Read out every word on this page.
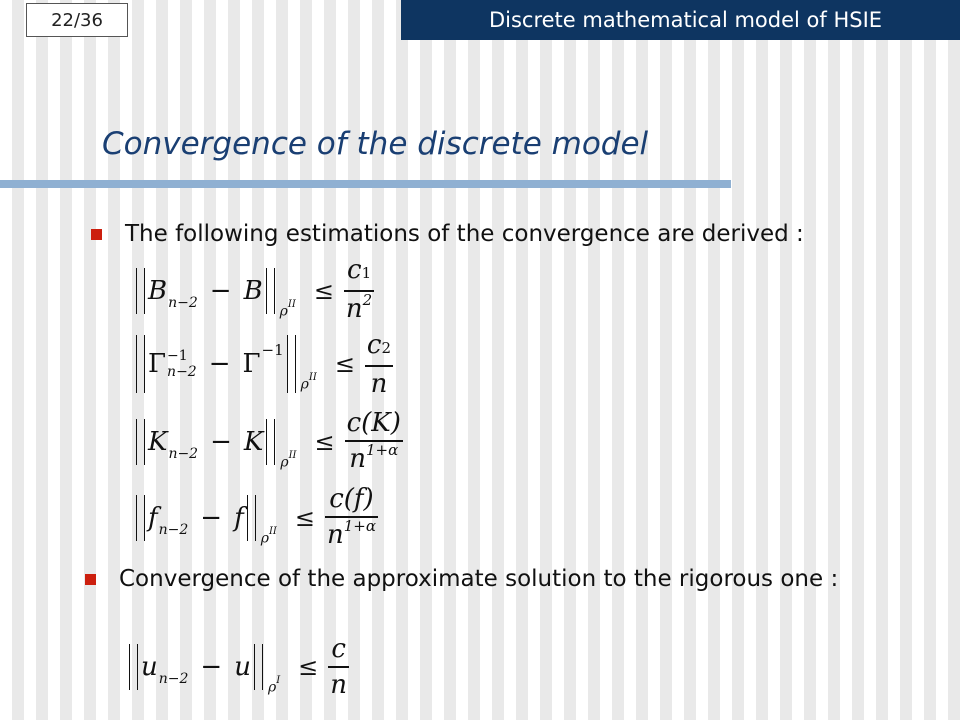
22/36	Discrete mathematical model of HSIE
Convergence of the discrete model
The following estimations of the convergence are derived :
B n−2 − B
$\rho^{II} \le \frac{c1}{n^2}$
Γ −1
n−2 − Γ −1
$\rho^{II} \le \frac{c2}{n}$
K n−2 − K
$\rho^{II} \le \frac{c(K)}{n^{1+\alpha}}$
f n−2 − f
$\rho^{II} \le \frac{c(f)}{n^{1+\alpha}}$
Convergence of the approximate solution to the rigorous one :
u n−2 − u
$\rho^I \le \frac{c}{n}$
